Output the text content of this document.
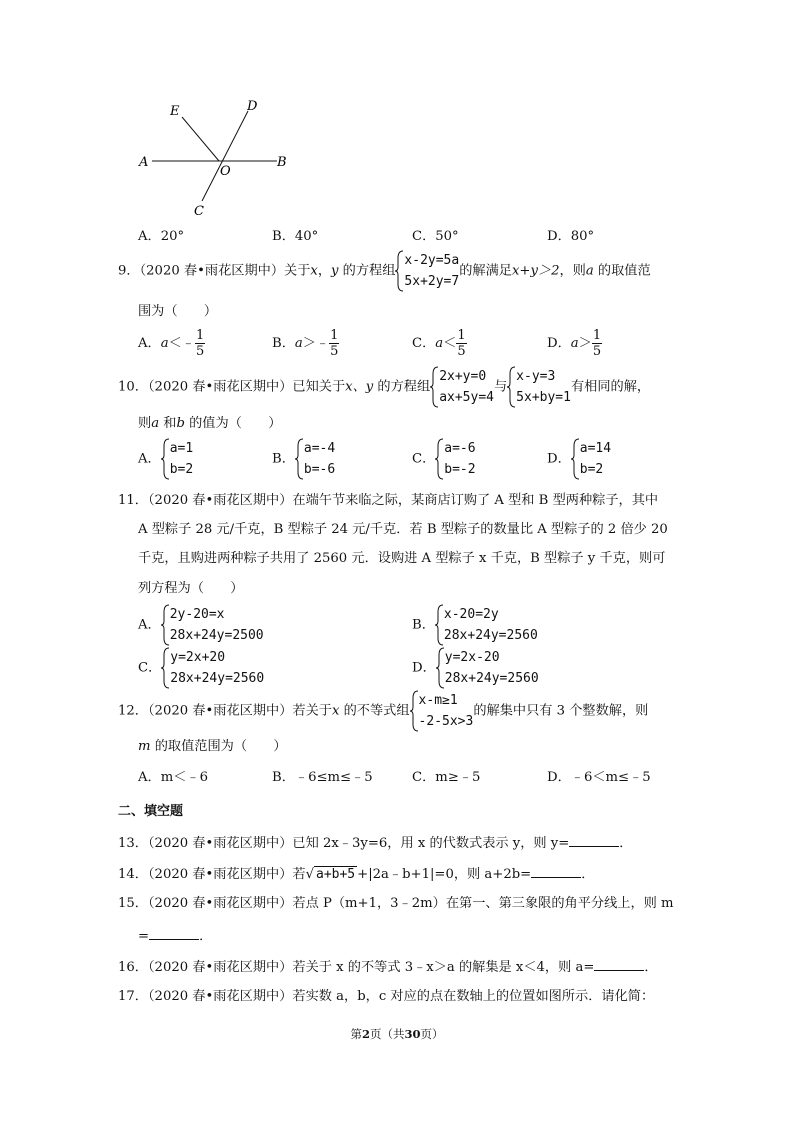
E	D
A
O
B
C
A．20°	B．40°	C．50°	D．80°
9．（2020 春•雨花区期中）关于x，y 的方程组
x-2y=5a
5x+2y=7
的解满足x+y＞2，则a 的取值范
围为（　　）
A．a＜﹣ $\frac{1}{5}$	B．a＞﹣ $\frac{1}{5}$	C．$a< \frac{1}{5}$	D．$a> \frac{1}{5}$
10．（2020 春•雨花区期中）已知关于x、y 的方程组
2x+y=0
ax+5y=4
与
x-y=3
5x+by=1
有相同的解，
则a 和b 的值为（　　）
A．
a=1
b=2
B．
a=-4
b=-6
C．
a=-6
b=-2
D．
a=14
b=2
11．（2020 春•雨花区期中）在端午节来临之际，某商店订购了 A 型和 B 型两种粽子，其中
A 型粽子 28 元/千克，B 型粽子 24 元/千克．若 B 型粽子的数量比 A 型粽子的 2 倍少 20
千克，且购进两种粽子共用了 2560 元．设购进 A 型粽子 x 千克，B 型粽子 y 千克，则可
列方程为（　　）
A．
2y-20=x
28x+24y=2500
B．
x-20=2y
28x+24y=2560
C．
y=2x+20
28x+24y=2560
D．
y=2x-20
28x+24y=2560
12．（2020 春•雨花区期中）若关于x 的不等式组
x-m≥1
-2-5x>3
的解集中只有 3 个整数解，则
m 的取值范围为（　　）
A．m＜﹣6	B．﹣6≤m≤﹣5	C．m≥﹣5	D．﹣6＜m≤﹣5
二、填空题
13．（2020 春•雨花区期中）已知 2x﹣3y=6，用 x 的代数式表示 y，则 y=	．
14．（2020 春•雨花区期中）若√ a+b+5 +|2a﹣b+1|=0，则 a+2b=	．
15．（2020 春•雨花区期中）若点 P（m+1，3﹣2m）在第一、第三象限的角平分线上，则 m
=	．
16．（2020 春•雨花区期中）若关于 x 的不等式 3﹣x＞a 的解集是 x＜4，则 a=	．
17．（2020 春•雨花区期中）若实数 a，b，c 对应的点在数轴上的位置如图所示．请化简：
第2页（共30页）
